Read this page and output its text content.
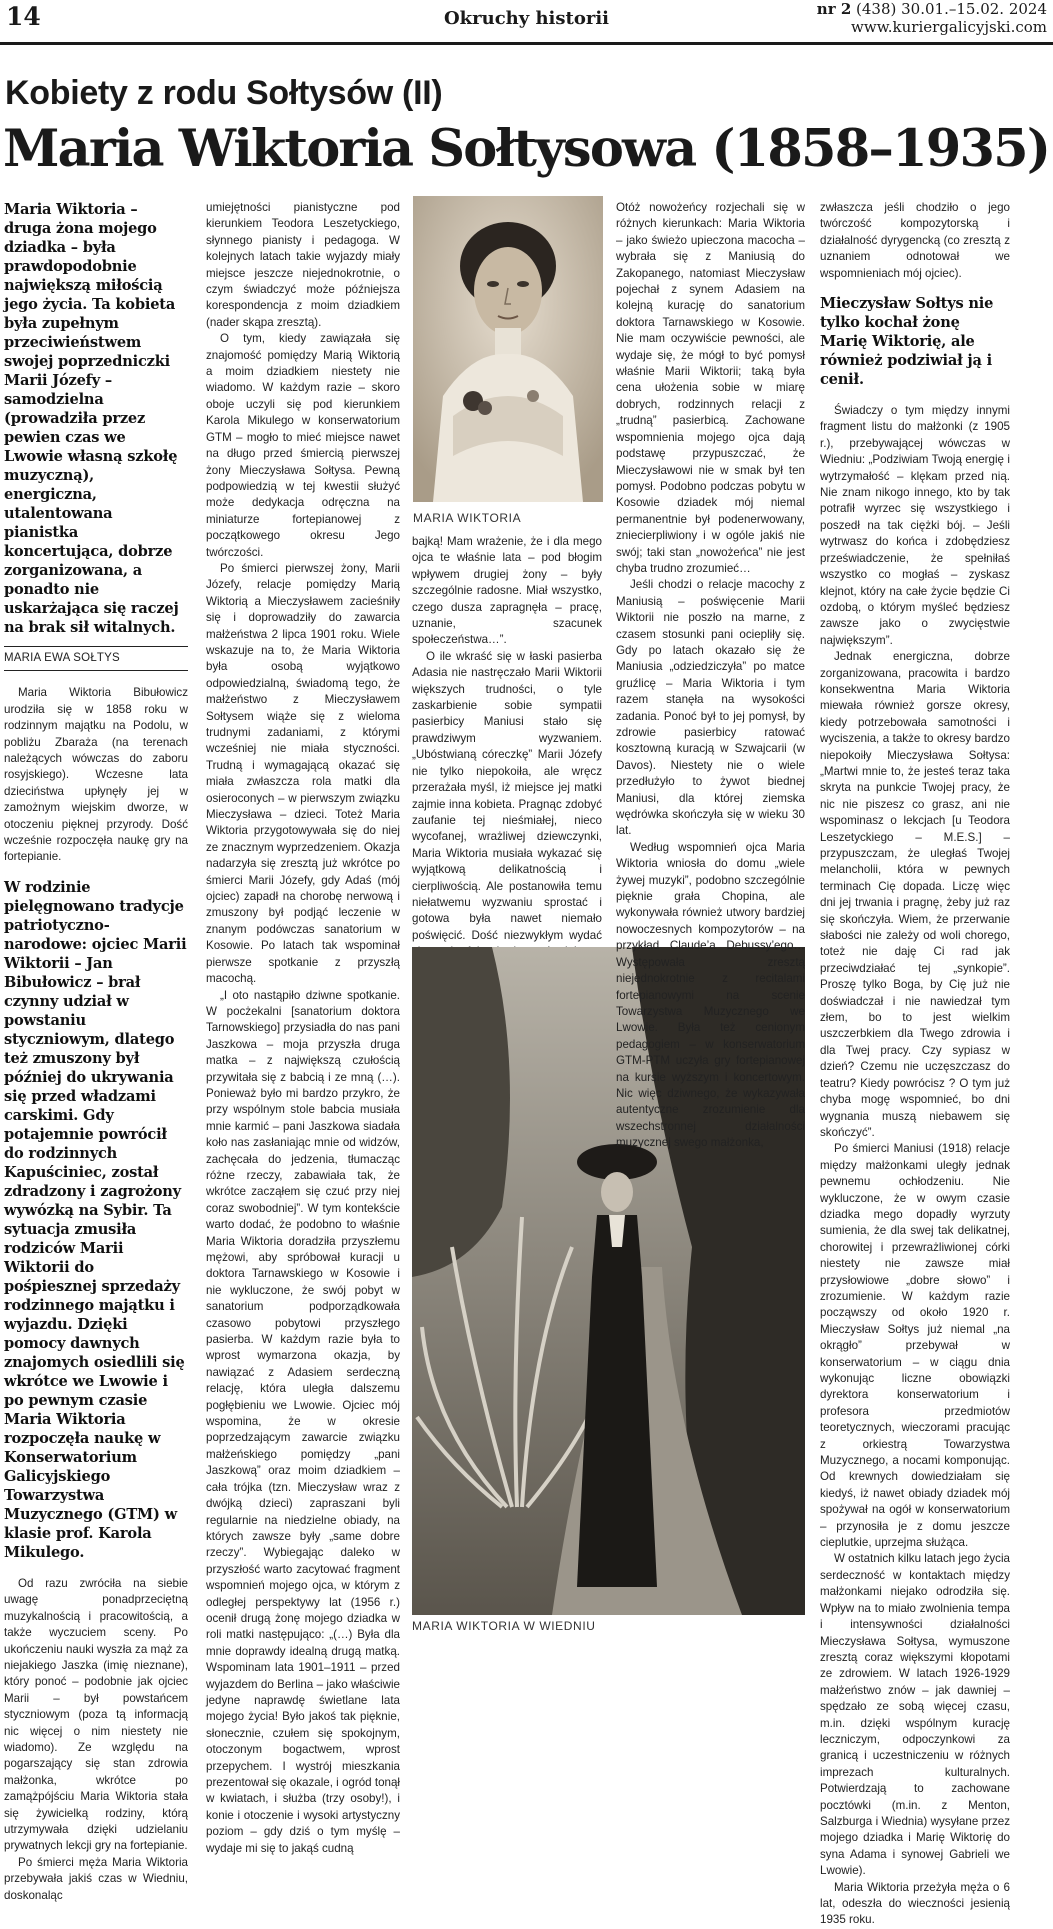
14	Okruchy historii	nr 2 (438) 30.01.–15.02. 2024
www.kuriergalicyjski.com
Kobiety z rodu Sołtysów (II)
Maria Wiktoria Sołtysowa (1858–1935)
Maria Wiktoria – druga żona mojego dziadka – była prawdopodobnie największą miłością jego życia. Ta kobieta była zupełnym przeciwieństwem swojej poprzedniczki Marii Józefy – samodzielna (prowadziła przez pewien czas we Lwowie własną szkołę muzyczną), energiczna, utalentowana pianistka koncertująca, dobrze zorganizowana, a ponadto nie uskarżająca się raczej na brak sił witalnych.
MARIA EWA SOŁTYS

Maria Wiktoria Bibułowicz urodziła się w 1858 roku w rodzinnym majątku na Podolu, w pobliżu Zbaraża (na terenach należących wówczas do zaboru rosyjskiego). Wczesne lata dzieciństwa upłynęły jej w zamożnym wiejskim dworze, w otoczeniu pięknej przyrody. Dość wcześnie rozpoczęła naukę gry na fortepianie.

W rodzinie pielęgnowano tradycje patriotyczno-narodowe: ojciec Marii Wiktorii – Jan Bibułowicz – brał czynny udział w powstaniu styczniowym, dlatego też zmuszony był później do ukrywania się przed władzami carskimi. Gdy potajemnie powrócił do rodzinnych Kapuściniec, został zdradzony i zagrożony wywózką na Sybir. Ta sytuacja zmusiła rodziców Marii Wiktorii do pośpiesznej sprzedaży rodzinnego majątku i wyjazdu. Dzięki pomocy dawnych znajomych osiedlili się wkrótce we Lwowie i po pewnym czasie Maria Wiktoria rozpoczęła naukę w Konserwatorium Galicyjskiego Towarzystwa Muzycznego (GTM) w klasie prof. Karola Mikulego.

Od razu zwróciła na siebie uwagę ponadprzeciętną muzykalnością i pracowitością, a także wyczuciem sceny. Po ukończeniu nauki wyszła za mąż za niejakiego Jaszka (imię nieznane), który ponoć – podobnie jak ojciec Marii – był powstańcem styczniowym (poza tą informacją nic więcej o nim niestety nie wiadomo). Ze względu na pogarszający się stan zdrowia małżonka, wkrótce po zamążpójściu Maria Wiktoria stała się żywicielką rodziny, którą utrzymywała dzięki udzielaniu prywatnych lekcji gry na fortepianie.

Po śmierci męża Maria Wiktoria przebywała jakiś czas w Wiedniu, doskonaląc

umiejętności pianistyczne pod kierunkiem Teodora Leszetyckiego, słynnego pianisty i pedagoga. W kolejnych latach takie wyjazdy miały miejsce jeszcze niejednokrotnie, o czym świadczyć może późniejsza korespondencja z moim dziadkiem (nader skąpa zresztą).

O tym, kiedy zawiązała się znajomość pomiędzy Marią Wiktorią a moim dziadkiem niestety nie wiadomo. W każdym razie – skoro oboje uczyli się pod kierunkiem Karola Mikulego w konserwatorium GTM – mogło to mieć miejsce nawet na długo przed śmiercią pierwszej żony Mieczysława Sołtysa. Pewną podpowiedzią w tej kwestii służyć może dedykacja odręczna na miniaturze fortepianowej z początkowego okresu Jego twórczości.

Po śmierci pierwszej żony, Marii Józefy, relacje pomiędzy Marią Wiktorią a Mieczysławem zacieśniły się i doprowadziły do zawarcia małżeństwa 2 lipca 1901 roku. Wiele wskazuje na to, że Maria Wiktoria była osobą wyjątkowo odpowiedzialną, świadomą tego, że małżeństwo z Mieczysławem Sołtysem wiąże się z wieloma trudnymi zadaniami, z którymi wcześniej nie miała styczności. Trudną i wymagającą okazać się miała zwłaszcza rola matki dla osieroconych – w pierwszym związku Mieczysława – dzieci. Toteż Maria Wiktoria przygotowywała się do niej ze znacznym wyprzedzeniem. Okazja nadarzyła się zresztą już wkrótce po śmierci Marii Józefy, gdy Adaś (mój ojciec) zapadł na chorobę nerwową i zmuszony był podjąć leczenie w znanym podówczas sanatorium w Kosowie. Po latach tak wspominał pierwsze spotkanie z przyszłą macochą.

„I oto nastąpiło dziwne spotkanie. W pocżekalni [sanatorium doktora Tarnowskiego] przysiadła do nas pani Jaszkowa – moja przyszła druga matka – z największą czułością przywitała się z babcią i ze mną (…). Ponieważ było mi bardzo przykro, że przy wspólnym stole babcia musiała mnie karmić – pani Jaszkowa siadała koło nas zasłaniając mnie od widzów, zachęcała do jedzenia, tłumacząc różne rzeczy, zabawiała tak, że wkrótce zacząłem się czuć przy niej coraz swobodniej”. W tym kontekście warto dodać, że podobno to właśnie Maria Wiktoria doradziła przyszłemu mężowi, aby spróbował kuracji u doktora Tarnawskiego w Kosowie i nie wykluczone, że swój pobyt w sanatorium podporządkowała czasowo pobytowi przyszłego pasierba. W każdym razie była to wprost wymarzona okazja, by nawiązać z Adasiem serdeczną relację, która uległa dalszemu pogłębieniu we Lwowie. Ojciec mój wspomina, że w okresie poprzedzającym zawarcie związku małżeńskiego pomiędzy „pani Jaszkową” oraz moim dziadkiem – cała trójka (tzn. Mieczysław wraz z dwójką dzieci) zapraszani byli regularnie na niedzielne obiady, na których zawsze były „same dobre rzeczy”. Wybiegając daleko w przyszłość warto zacytować fragment wspomnień mojego ojca, w którym z odległej perspektywy lat (1956 r.) ocenił drugą żonę mojego dziadka w roli matki następująco: „(…) Była dla mnie doprawdy idealną drugą matką. Wspominam lata 1901–1911 – przed wyjazdem do Berlina – jako właściwie jedyne naprawdę świetlane lata mojego życia! Było jakoś tak pięknie, słonecznie, czułem się spokojnym, otoczonym bogactwem, wprost przepychem. I wystrój mieszkania prezentował się okazale, i ogród tonął w kwiatach, i służba (trzy osoby!), i konie i otoczenie i wysoki artystyczny poziom – gdy dziś o tym myślę – wydaje mi się to jakąś cudną

MARIA WIKTORIA

bajką! Mam wrażenie, że i dla mego ojca te właśnie lata – pod błogim wpływem drugiej żony – były szczególnie radosne. Miał wszystko, czego dusza zapragnęła – pracę, uznanie, szacunek społeczeństwa…”.

O ile wkraść się w łaski pasierba Adasia nie nastręczało Marii Wiktorii większych trudności, o tyle zaskarbienie sobie sympatii pasierbicy Maniusi stało się prawdziwym wyzwaniem. „Ubóstwianą córeczkę” Marii Józefy nie tylko niepokoiła, ale wręcz przerażała myśl, iż miejsce jej matki zajmie inna kobieta. Pragnąc zdobyć zaufanie tej nieśmiałej, nieco wycofanej, wrażliwej dziewczynki, Maria Wiktoria musiała wykazać się wyjątkową delikatnością i cierpliwością. Ale postanowiła temu niełatwemu wyzwaniu sprostać i gotowa była nawet niemało poświęcić. Dość niezwykłym wydać

MARIA WIKTORIA W WIEDNIU

Otóż nowożeńcy rozjechali się w różnych kierunkach: Maria Wiktoria – jako świeżo upieczona macocha – wybrała się z Maniusią do Zakopanego, natomiast Mieczysław pojechał z synem Adasiem na kolejną kurację do sanatorium doktora Tarnawskiego w Kosowie. Nie mam oczywiście pewności, ale wydaje się, że mógł to być pomysł właśnie Marii Wiktorii; taką była cena ułożenia sobie w miarę dobrych, rodzinnych relacji z „trudną” pasierbicą. Zachowane wspomnienia mojego ojca dają podstawę przypuszczać, że Mieczysławowi nie w smak był ten pomysł. Podobno podczas pobytu w Kosowie dziadek mój niemal permanentnie był podenerwowany, zniecierpliwiony i w ogóle jakiś nie swój; taki stan „nowożeńca” nie jest chyba trudno zrozumieć…

Jeśli chodzi o relacje macochy z Maniusią – poświęcenie Marii Wiktorii nie poszło na marne, z czasem stosunki pani ociepliły się. Gdy po latach okazało się że Maniusia „odziedziczyła” po matce gruźlicę – Maria Wiktoria i tym razem stanęła na wysokości zadania. Ponoć był to jej pomysł, by zdrowie pasierbicy ratować kosztowną kuracją w Szwajcarii (w Davos). Niestety nie o wiele przedłużyło to żywot biednej Maniusi, dla której ziemska wędrówka skończyła się w wieku 30 lat.

Według wspomnień ojca Maria Wiktoria wniosła do domu „wiele żywej muzyki”, podobno szczególnie pięknie grała Chopina, ale wykonywała również utwory bardziej nowoczesnych kompozytorów – na przykład Claude’a Debussy’ego… Występowała zresztą niejednokrotnie z recitalami fortepianowymi na scenie Towarzystwa Muzycznego we Lwowie. Była też cenionym pedagogiem – w konserwatorium GTM-PTM uczyła gry fortepianowej na kursie wyższym i koncertowym. Nic więc dziwnego, że wykazywała autentyczne zrozumienie dla wszechstronnej działalności muzycznej swego małżonka,

zwłaszcza jeśli chodziło o jego twórczość kompozytorską i działalność dyrygencką (co zresztą z uznaniem odnotował we wspomnieniach mój ojciec).

Mieczysław Sołtys nie tylko kochał żonę Marię Wiktorię, ale również podziwiał ją i cenił.

Świadczy o tym między innymi fragment listu do małżonki (z 1905 r.), przebywającej wówczas w Wiedniu: „Podziwiam Twoją energię i wytrzymałość – klękam przed nią. Nie znam nikogo innego, kto by tak potrafił wyrzec się wszystkiego i poszedł na tak ciężki bój. – Jeśli wytrwasz do końca i zdobędziesz przeświadczenie, że spełniłaś wszystko co mogłaś – zyskasz klejnot, który na całe życie będzie Ci ozdobą, o którym myśleć będziesz zawsze jako o zwycięstwie największym”.

Jednak energiczna, dobrze zorganizowana, pracowita i bardzo konsekwentna Maria Wiktoria miewała również gorsze okresy, kiedy potrzebowała samotności i wyciszenia, a także to okresy bardzo niepokoiły Mieczysława Sołtysa: „Martwi mnie to, że jesteś teraz taka skryta na punkcie Twojej pracy, że nic nie piszesz co grasz, ani nie wspominasz o lekcjach [u Teodora Leszetyckiego – M.E.S.] – przypuszczam, że uległaś Twojej melancholii, która w pewnych terminach Cię dopada. Liczę więc dni jej trwania i pragnę, żeby już raz się skończyła. Wiem, że przerwanie słabości nie zależy od woli chorego, toteż nie daję Ci rad jak przeciwdziałać tej „synkopie”. Proszę tylko Boga, by Cię już nie doświadczał i nie nawiedzał tym złem, bo to jest wielkim uszczerbkiem dla Twego zdrowia i dla Twej pracy. Czy sypiasz w dzień? Czemu nie uczęszczasz do teatru? Kiedy powrócisz ? O tym już chyba mogę wspomnieć, bo dni wygnania muszą niebawem się skończyć”.

Po śmierci Maniusi (1918) relacje między małżonkami uległy jednak pewnemu ochłodzeniu. Nie wykluczone, że w owym czasie dziadka mego dopadły wyrzuty sumienia, że dla swej tak delikatnej, chorowitej i przewrażliwionej córki niestety nie zawsze miał przysłowiowe „dobre słowo” i zrozumienie. W każdym razie począwszy od około 1920 r. Mieczysław Sołtys już niemal „na okrągło” przebywał w konserwatorium – w ciągu dnia wykonując liczne obowiązki dyrektora konserwatorium i profesora przedmiotów teoretycznych, wieczorami pracując z orkiestrą Towarzystwa Muzycznego, a nocami komponując. Od krewnych dowiedziałam się kiedyś, iż nawet obiady dziadek mój spożywał na ogół w konserwatorium – przynosiła je z domu jeszcze cieplutkie, uprzejma służąca.

W ostatnich kilku latach jego życia serdeczność w kontaktach między małżonkami niejako odrodziła się. Wpływ na to miało zwolnienia tempa i intensywności działalności Mieczysława Sołtysa, wymuszone zresztą coraz większymi kłopotami ze zdrowiem. W latach 1926-1929 małżeństwo znów – jak dawniej – spędzało ze sobą więcej czasu, m.in. dzięki wspólnym kurację leczniczym, odpoczynkowi za granicą i uczestniczeniu w różnych imprezach kulturalnych. Potwierdzają to zachowane pocztówki (m.in. z Menton, Salzburga i Wiednia) wysyłane przez mojego dziadka i Marię Wiktorię do syna Adama i synowej Gabrieli we Lwowie).

Maria Wiktoria przeżyła męża o 6 lat, odeszła do wieczności jesienią 1935 roku.
